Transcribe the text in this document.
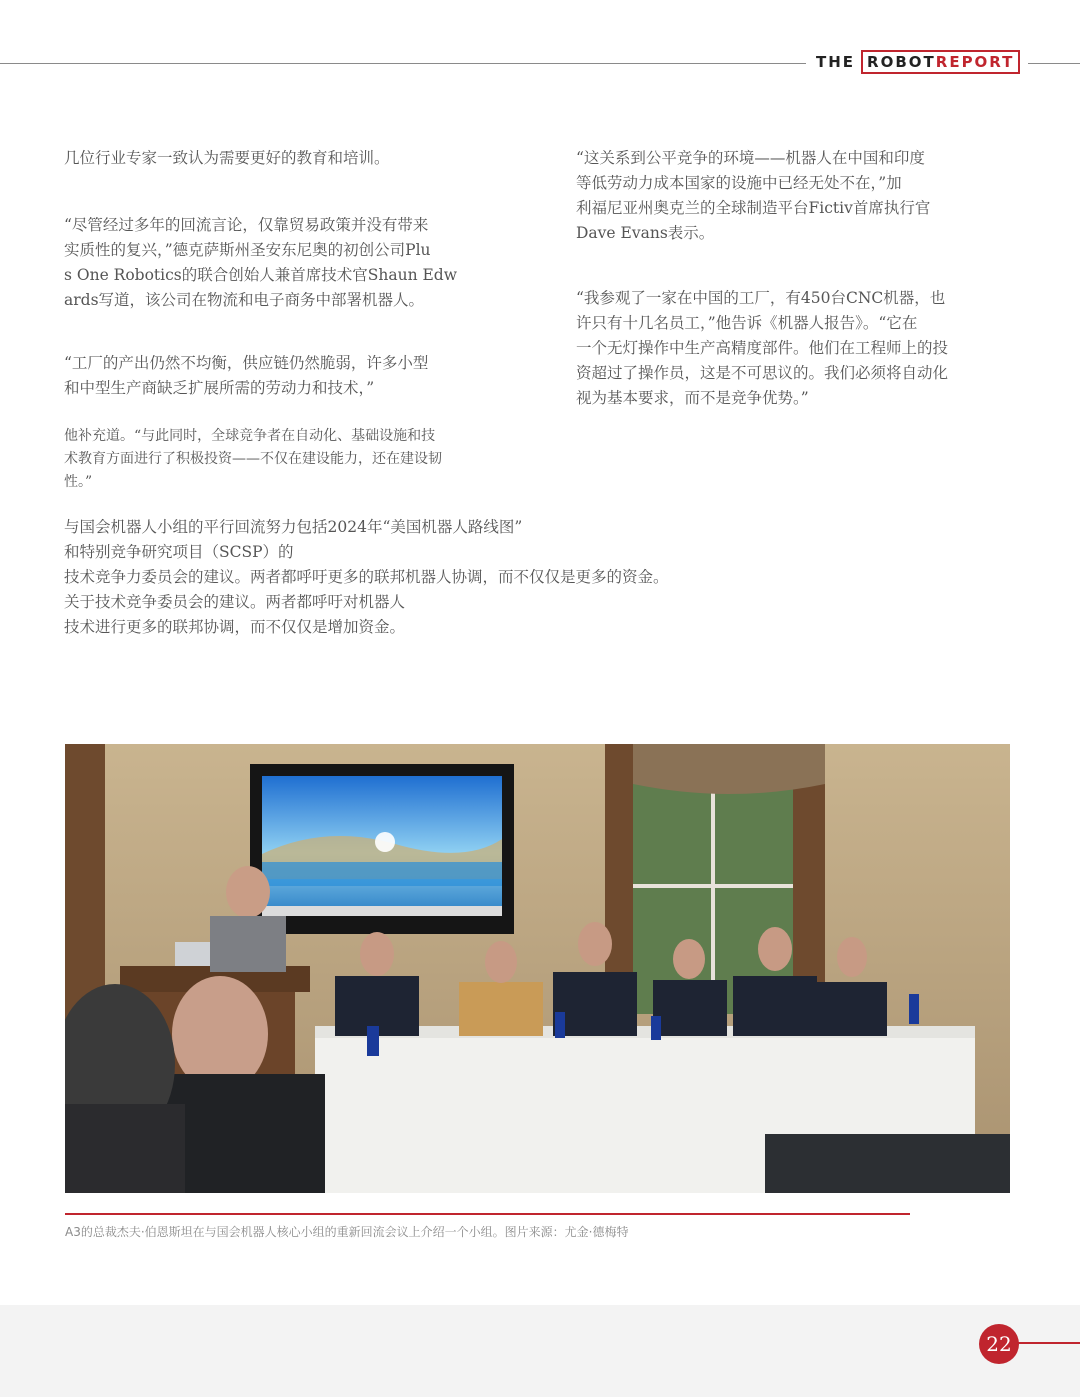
THE ROBOT REPORT

几位行业专家一致认为需要更好的教育和培训。

“尽管经过多年的回流言论，仅靠贸易政策并没有带来
实质性的复兴，”德克萨斯州圣安东尼奥的初创公司Plu
s One Robotics的联合创始人兼首席技术官Shaun Edw
ards写道，该公司在物流和电子商务中部署机器人。

“工厂的产出仍然不均衡，供应链仍然脆弱，许多小型
和中型生产商缺乏扩展所需的劳动力和技术，”

他补充道。“与此同时，全球竞争者在自动化、基础设施和技
术教育方面进行了积极投资——不仅在建设能力，还在建设韧
性。”

“这关系到公平竞争的环境——机器人在中国和印度
等低劳动力成本国家的设施中已经无处不在，”加
利福尼亚州奥克兰的全球制造平台Fictiv首席执行官
Dave Evans表示。

“我参观了一家在中国的工厂，有450台CNC机器，也
许只有十几名员工，”他告诉《机器人报告》。“它在
一个无灯操作中生产高精度部件。他们在工程师上的投
资超过了操作员，这是不可思议的。我们必须将自动化
视为基本要求，而不是竞争优势。”

与国会机器人小组的平行回流努力包括2024年“美国机器人路线图”
和特别竞争研究项目（SCSP）的
技术竞争力委员会的建议。两者都呼吁更多的联邦机器人协调，而不仅仅是更多的资金。
关于技术竞争委员会的建议。两者都呼吁对机器人
技术进行更多的联邦协调，而不仅仅是增加资金。

A3的总裁杰夫·伯恩斯坦在与国会机器人核心小组的重新回流会议上介绍一个小组。图片来源：尤金·德梅特
22
